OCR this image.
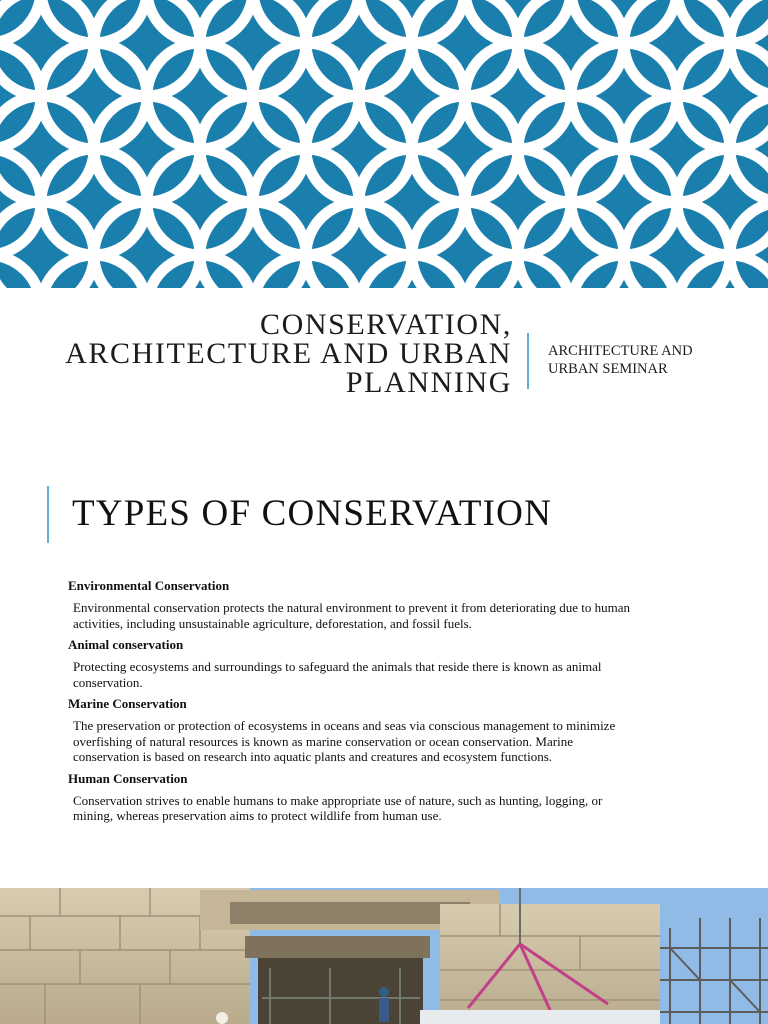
CONSERVATION,
ARCHITECTURE AND URBAN
PLANNING
ARCHITECTURE AND
URBAN SEMINAR
TYPES OF CONSERVATION

Environmental Conservation

Environmental conservation protects the natural environment to prevent it from deteriorating due to human
activities, including unsustainable agriculture, deforestation, and fossil fuels.

Animal conservation

Protecting ecosystems and surroundings to safeguard the animals that reside there is known as animal
conservation.

Marine Conservation

The preservation or protection of ecosystems in oceans and seas via conscious management to minimize
overfishing of natural resources is known as marine conservation or ocean conservation. Marine
conservation is based on research into aquatic plants and creatures and ecosystem functions.

Human Conservation

Conservation strives to enable humans to make appropriate use of nature, such as hunting, logging, or
mining, whereas preservation aims to protect wildlife from human use.
